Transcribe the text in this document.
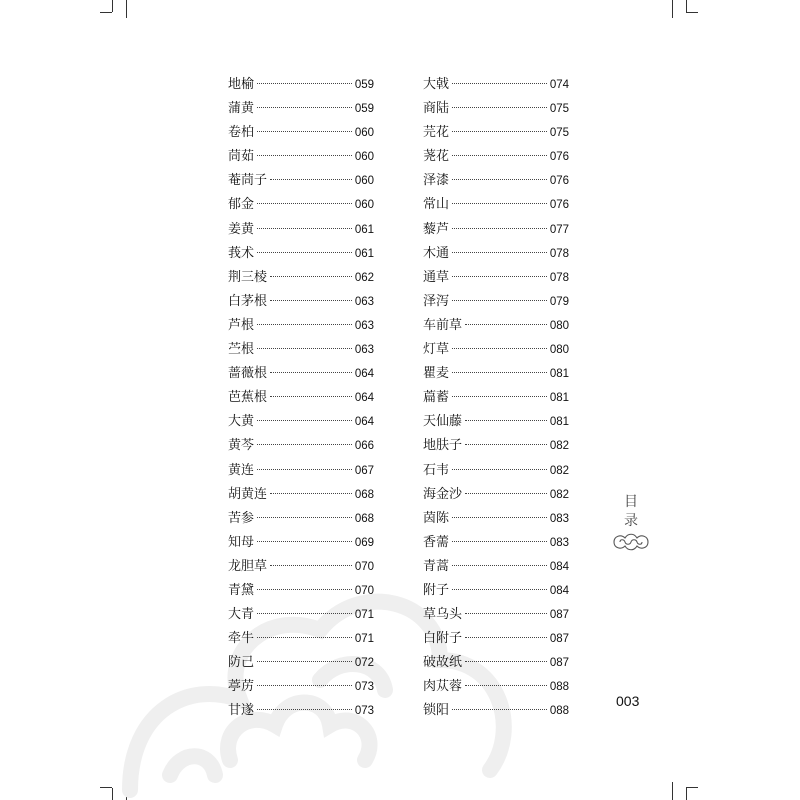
地榆	059
蒲黄	059
卷柏	060
茼茹	060
菴茼子	060
郁金	060
姜黄	061
莪术	061
荆三棱	062
白茅根	063
芦根	063
苎根	063
蔷薇根	064
芭蕉根	064
大黄	064
黄芩	066
黄连	067
胡黄连	068
苦参	068
知母	069
龙胆草	070
青黛	070
大青	071
牵牛	071
防己	072
葶苈	073
甘遂	073
大戟	074
商陆	075
芫花	075
荛花	076
泽漆	076
常山	076
藜芦	077
木通	078
通草	078
泽泻	079
车前草	080
灯草	080
瞿麦	081
萹蓄	081
天仙藤	081
地肤子	082
石韦	082
海金沙	082
茵陈	083
香薷	083
青蒿	084
附子	084
草乌头	087
白附子	087
破故纸	087
肉苁蓉	088
锁阳	088
目录
003
